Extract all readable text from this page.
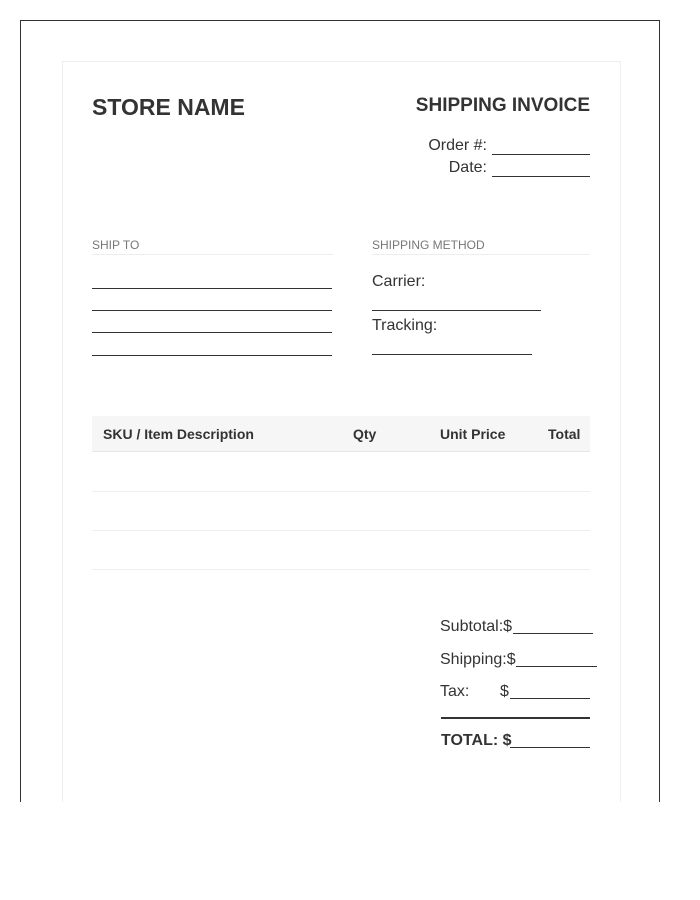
STORE NAME	SHIPPING INVOICE
Order #:
Date:
SHIP TO	SHIPPING METHOD
Carrier:
Tracking:
SKU / Item Description	Qty	Unit Price	Total
Subtotal:$
Shipping:$
Tax: $
TOTAL: $
